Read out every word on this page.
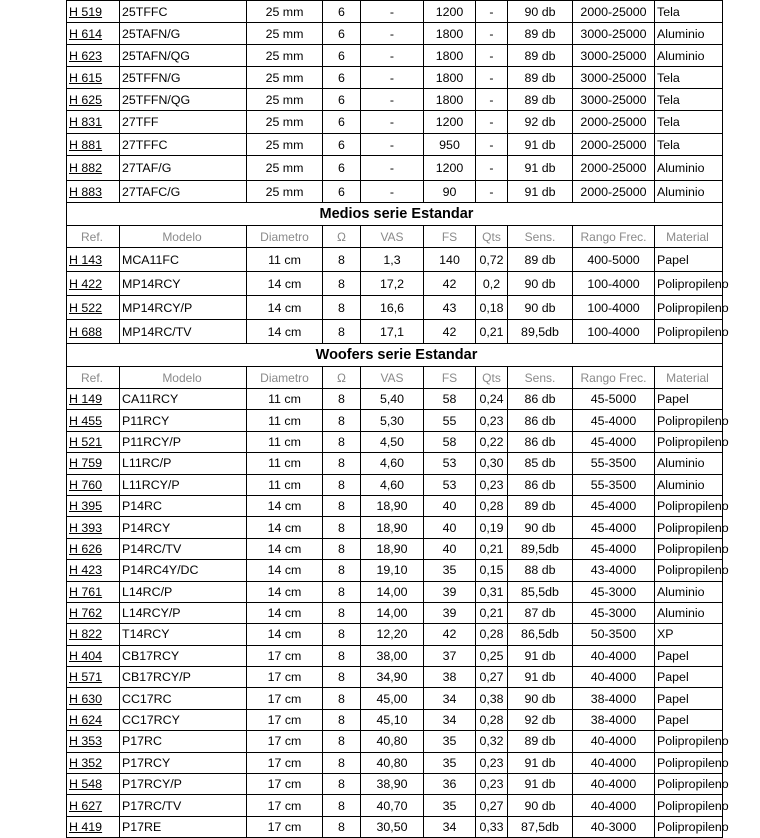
H 519	25TFFC	25 mm	6	-	1200	-	90 db	2000-25000	Tela
H 614	25TAFN/G	25 mm	6	-	1800	-	89 db	3000-25000	Aluminio
H 623	25TAFN/QG	25 mm	6	-	1800	-	89 db	3000-25000	Aluminio
H 615	25TFFN/G	25 mm	6	-	1800	-	89 db	3000-25000	Tela
H 625	25TFFN/QG	25 mm	6	-	1800	-	89 db	3000-25000	Tela
H 831	27TFF	25 mm	6	-	1200	-	92 db	2000-25000	Tela
H 881	27TFFC	25 mm	6	-	950	-	91 db	2000-25000	Tela
H 882	27TAF/G	25 mm	6	-	1200	-	91 db	2000-25000	Aluminio
H 883	27TAFC/G	25 mm	6	-	90	-	91 db	2000-25000	Aluminio
Medios serie Estandar									
Ref.	Modelo	Diametro	Ω	VAS	FS	Qts	Sens.	Rango Frec.	Material
H 143	MCA11FC	11 cm	8	1,3	140	0,72	89 db	400-5000	Papel
H 422	MP14RCY	14 cm	8	17,2	42	0,2	90 db	100-4000	Polipropileno
H 522	MP14RCY/P	14 cm	8	16,6	43	0,18	90 db	100-4000	Polipropileno
H 688	MP14RC/TV	14 cm	8	17,1	42	0,21	89,5db	100-4000	Polipropileno
Woofers serie Estandar									
Ref.	Modelo	Diametro	Ω	VAS	FS	Qts	Sens.	Rango Frec.	Material
H 149	CA11RCY	11 cm	8	5,40	58	0,24	86 db	45-5000	Papel
H 455	P11RCY	11 cm	8	5,30	55	0,23	86 db	45-4000	Polipropileno
H 521	P11RCY/P	11 cm	8	4,50	58	0,22	86 db	45-4000	Polipropileno
H 759	L11RC/P	11 cm	8	4,60	53	0,30	85 db	55-3500	Aluminio
H 760	L11RCY/P	11 cm	8	4,60	53	0,23	86 db	55-3500	Aluminio
H 395	P14RC	14 cm	8	18,90	40	0,28	89 db	45-4000	Polipropileno
H 393	P14RCY	14 cm	8	18,90	40	0,19	90 db	45-4000	Polipropileno
H 626	P14RC/TV	14 cm	8	18,90	40	0,21	89,5db	45-4000	Polipropileno
H 423	P14RC4Y/DC	14 cm	8	19,10	35	0,15	88 db	43-4000	Polipropileno
H 761	L14RC/P	14 cm	8	14,00	39	0,31	85,5db	45-3000	Aluminio
H 762	L14RCY/P	14 cm	8	14,00	39	0,21	87 db	45-3000	Aluminio
H 822	T14RCY	14 cm	8	12,20	42	0,28	86,5db	50-3500	XP
H 404	CB17RCY	17 cm	8	38,00	37	0,25	91 db	40-4000	Papel
H 571	CB17RCY/P	17 cm	8	34,90	38	0,27	91 db	40-4000	Papel
H 630	CC17RC	17 cm	8	45,00	34	0,38	90 db	38-4000	Papel
H 624	CC17RCY	17 cm	8	45,10	34	0,28	92 db	38-4000	Papel
H 353	P17RC	17 cm	8	40,80	35	0,32	89 db	40-4000	Polipropileno
H 352	P17RCY	17 cm	8	40,80	35	0,23	91 db	40-4000	Polipropileno
H 548	P17RCY/P	17 cm	8	38,90	36	0,23	91 db	40-4000	Polipropileno
H 627	P17RC/TV	17 cm	8	40,70	35	0,27	90 db	40-4000	Polipropileno
H 419	P17RE	17 cm	8	30,50	34	0,33	87,5db	40-3000	Polipropileno
